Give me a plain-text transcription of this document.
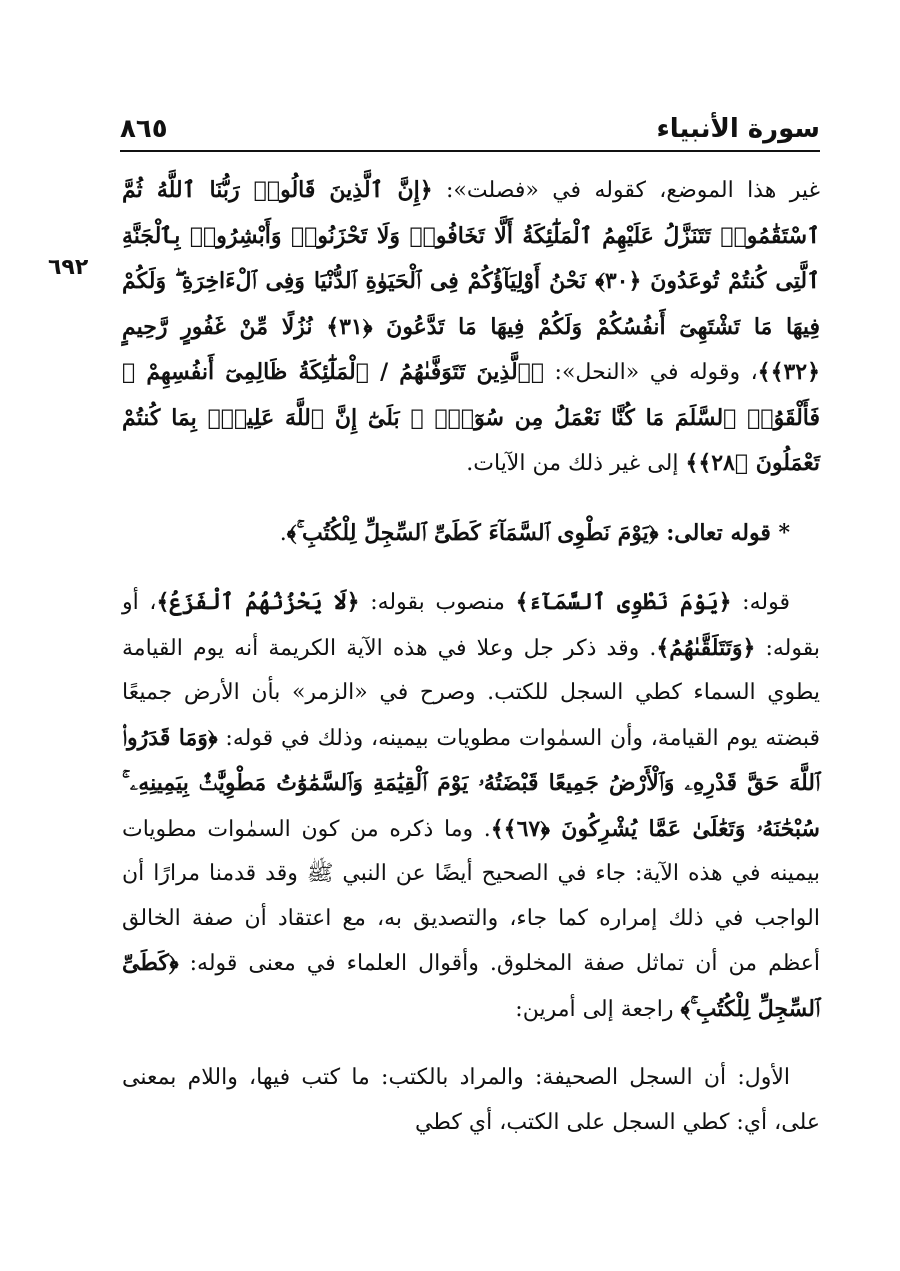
سورة الأنبياء
٨٦٥
٦٩٢

غير هذا الموضع، كقوله في «فصلت»: ﴿إِنَّ ٱلَّذِينَ قَالُوا۟ رَبُّنَا ٱللَّهُ ثُمَّ ٱسْتَقَٰمُوا۟ تَتَنَزَّلُ عَلَيْهِمُ ٱلْمَلَٰٓئِكَةُ أَلَّا تَخَافُوا۟ وَلَا تَحْزَنُوا۟ وَأَبْشِرُوا۟ بِٱلْجَنَّةِ ٱلَّتِى كُنتُمْ تُوعَدُونَ ﴿٣٠﴾ نَحْنُ أَوْلِيَآؤُكُمْ فِى ٱلْحَيَوٰةِ ٱلدُّنْيَا وَفِى ٱلْءَاخِرَةِ ۖ وَلَكُمْ فِيهَا مَا تَشْتَهِىٓ أَنفُسُكُمْ وَلَكُمْ فِيهَا مَا تَدَّعُونَ ﴿٣١﴾ نُزُلًا مِّنْ غَفُورٍ رَّحِيمٍ ﴿٣٢﴾﴾، وقوله في «النحل»: ﴿ٱلَّذِينَ تَتَوَفَّىٰهُمُ / ٱلْمَلَٰٓئِكَةُ ظَالِمِىٓ أَنفُسِهِمْ ۖ فَأَلْقَوُا۟ ٱلسَّلَمَ مَا كُنَّا نَعْمَلُ مِن سُوٓءٍۭ ۚ بَلَىٰٓ إِنَّ ٱللَّهَ عَلِيمٌۢ بِمَا كُنتُمْ تَعْمَلُونَ ﴿٢٨﴾﴾ إلى غير ذلك من الآيات.

* قوله تعالى: ﴿يَوْمَ نَطْوِى ٱلسَّمَآءَ كَطَىِّ ٱلسِّجِلِّ لِلْكُتُبِ ۚ﴾.

قوله: ﴿يَوْمَ نَطْوِى ٱلسَّمَآءَ﴾ منصوب بقوله: ﴿لَا يَحْزُنُهُمُ ٱلْفَزَعُ﴾، أو بقوله: ﴿وَتَتَلَقَّىٰهُمُ﴾. وقد ذكر جل وعلا في هذه الآية الكريمة أنه يوم القيامة يطوي السماء كطي السجل للكتب. وصرح في «الزمر» بأن الأرض جميعًا قبضته يوم القيامة، وأن السمٰوات مطويات بيمينه، وذلك في قوله: ﴿وَمَا قَدَرُوا۟ ٱللَّهَ حَقَّ قَدْرِهِۦ وَٱلْأَرْضُ جَمِيعًا قَبْضَتُهُۥ يَوْمَ ٱلْقِيَٰمَةِ وَٱلسَّمَٰوَٰتُ مَطْوِيَّٰتٌۢ بِيَمِينِهِۦ ۚ سُبْحَٰنَهُۥ وَتَعَٰلَىٰ عَمَّا يُشْرِكُونَ ﴿٦٧﴾﴾. وما ذكره من كون السمٰوات مطويات بيمينه في هذه الآية: جاء في الصحيح أيضًا عن النبي ﷺ وقد قدمنا مرارًا أن الواجب في ذلك إمراره كما جاء، والتصديق به، مع اعتقاد أن صفة الخالق أعظم من أن تماثل صفة المخلوق. وأقوال العلماء في معنى قوله: ﴿كَطَىِّ ٱلسِّجِلِّ لِلْكُتُبِ ۚ﴾ راجعة إلى أمرين:

الأول: أن السجل الصحيفة: والمراد بالكتب: ما كتب فيها، واللام بمعنى على، أي: كطي السجل على الكتب، أي كطي
